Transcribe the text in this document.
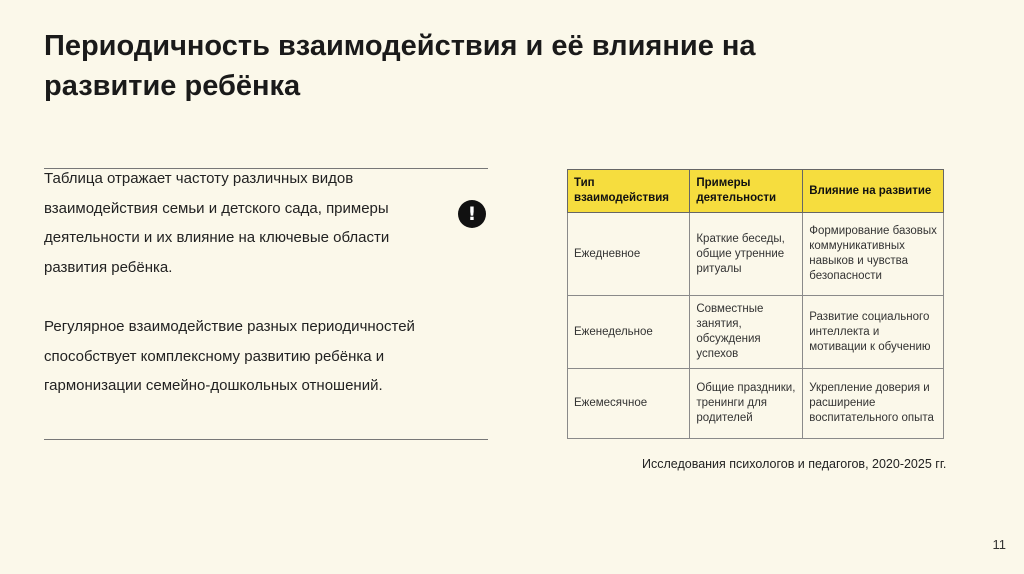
Периодичность взаимодействия и её влияние на
развитие ребёнка

Таблица отражает частоту различных видов взаимодействия семьи и детского сада, примеры деятельности и их влияние на ключевые области развития ребёнка.

Регулярное взаимодействие разных периодичностей способствует комплексному развитию ребёнка и гармонизации семейно-дошкольных отношений.

!
Тип взаимодействия	Примеры деятельности	Влияние на развитие
Ежедневное	Краткие беседы, общие утренние ритуалы	Формирование базовых коммуникативных навыков и чувства безопасности
Еженедельное	Совместные занятия, обсуждения успехов	Развитие социального интеллекта и мотивации к обучению
Ежемесячное	Общие праздники, тренинги для родителей	Укрепление доверия и расширение воспитательного опыта
Исследования психологов и педагогов, 2020-2025 гг.
11
